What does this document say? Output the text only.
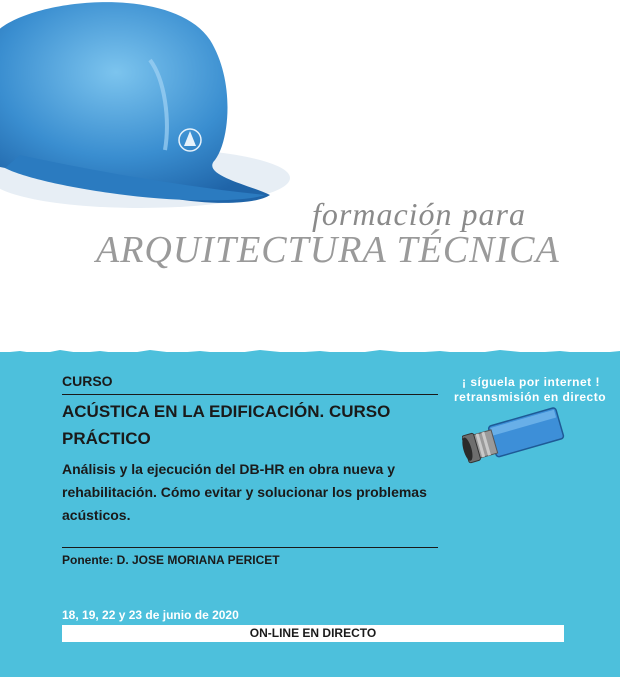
formación para
ARQUITECTURA TÉCNICA
CURSO
ACÚSTICA EN LA EDIFICACIÓN. CURSO PRÁCTICO
Análisis y la ejecución del DB-HR en obra nueva y rehabilitación. Cómo evitar y solucionar los problemas acústicos.
Ponente: D. JOSE MORIANA PERICET
18, 19, 22 y 23 de junio de 2020
ON-LINE EN DIRECTO
¡ síguela por internet !
retransmisión en directo
